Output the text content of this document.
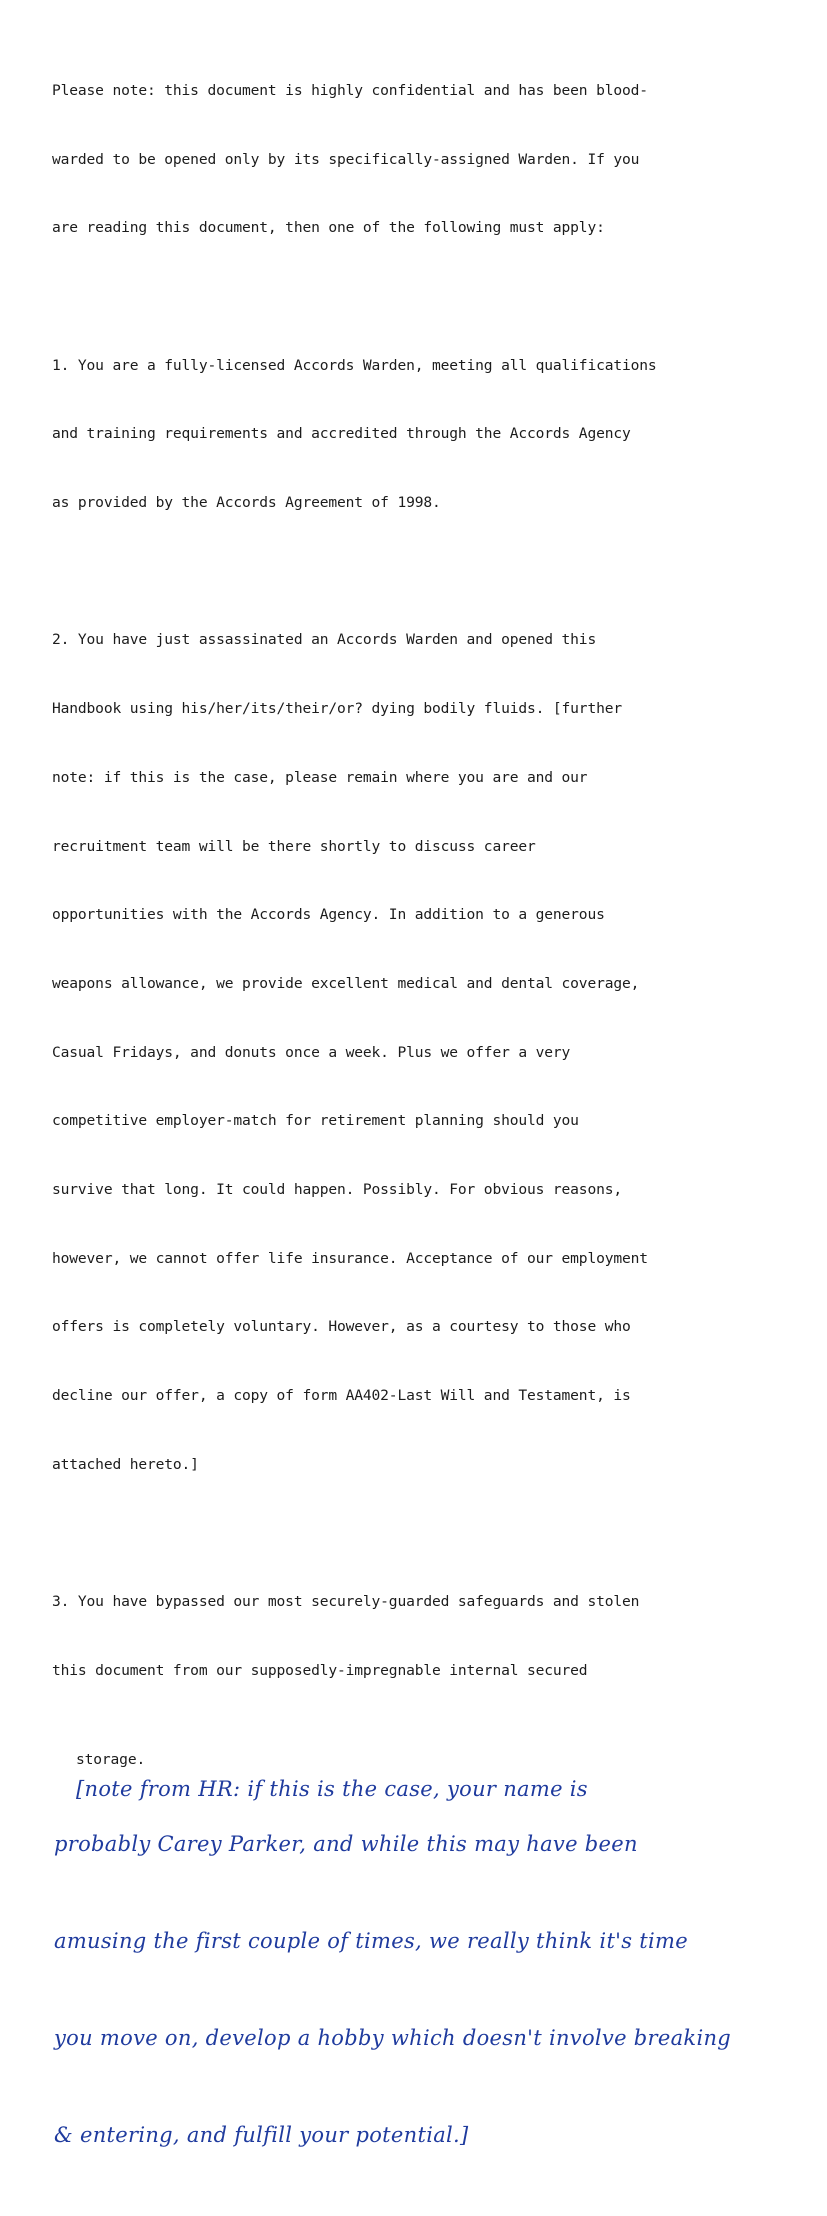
Please note: this document is highly confidential and has been blood-

warded to be opened only by its specifically-assigned Warden. If you

are reading this document, then one of the following must apply:

1. You are a fully-licensed Accords Warden, meeting all qualifications

and training requirements and accredited through the Accords Agency

as provided by the Accords Agreement of 1998.

2. You have just assassinated an Accords Warden and opened this

Handbook using his/her/its/their/or? dying bodily fluids. [further

note: if this is the case, please remain where you are and our

recruitment team will be there shortly to discuss career

opportunities with the Accords Agency. In addition to a generous

weapons allowance, we provide excellent medical and dental coverage,

Casual Fridays, and donuts once a week. Plus we offer a very

competitive employer-match for retirement planning should you

survive that long. It could happen. Possibly. For obvious reasons,

however, we cannot offer life insurance. Acceptance of our employment

offers is completely voluntary. However, as a courtesy to those who

decline our offer, a copy of form AA402-Last Will and Testament, is

attached hereto.]

3. You have bypassed our most securely-guarded safeguards and stolen

this document from our supposedly-impregnable internal secured

storage.
[note from HR: if this is the case, your name is

probably Carey Parker, and while this may have been

amusing the first couple of times, we really think it's time

you move on, develop a hobby which doesn't involve breaking

& entering, and fulfill your potential.]
